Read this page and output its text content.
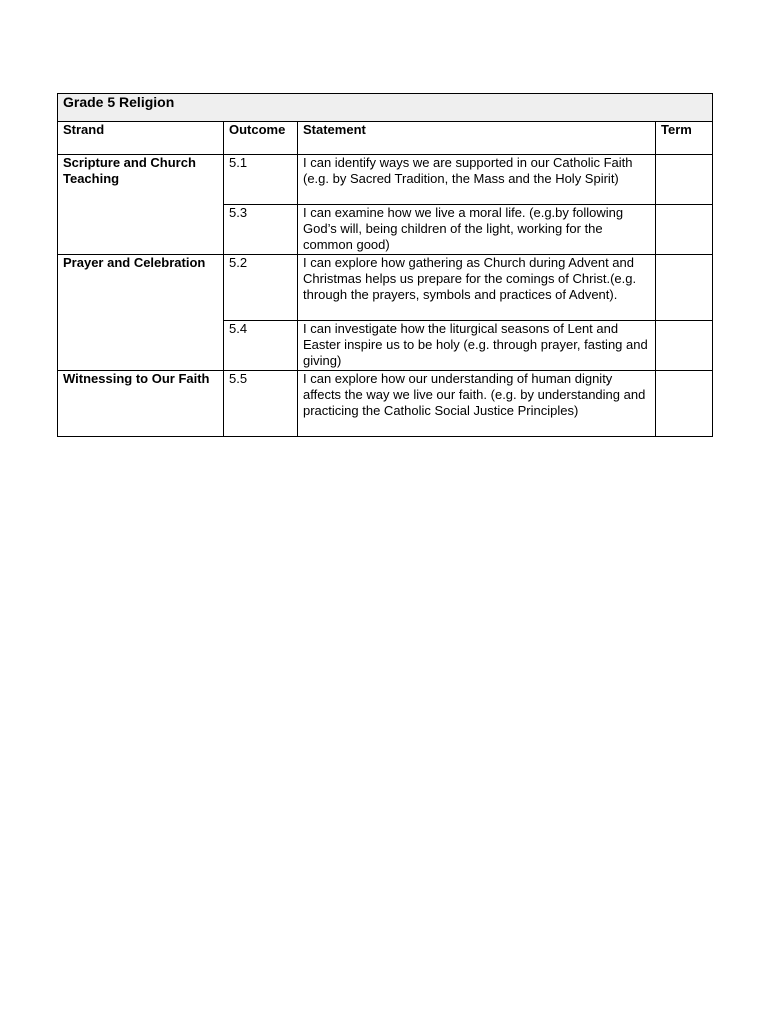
Grade 5 Religion			
Strand	Outcome	Statement	Term
Scripture and Church Teaching	5.1	I can identify ways we are supported in our Catholic Faith (e.g. by Sacred Tradition, the Mass and the Holy Spirit)	
	5.3	I can examine how we live a moral life. (e.g.by following God’s will, being children of the light, working for the common good)	
Prayer and Celebration	5.2	I can explore how gathering as Church during Advent and Christmas helps us prepare for the comings of Christ.(e.g. through the prayers, symbols and practices of Advent).	
	5.4	I can investigate how the liturgical seasons of Lent and Easter inspire us to be holy (e.g. through prayer, fasting and giving)	
Witnessing to Our Faith	5.5	I can explore how our understanding of human dignity affects the way we live our faith. (e.g. by understanding and practicing the Catholic Social Justice Principles)	
